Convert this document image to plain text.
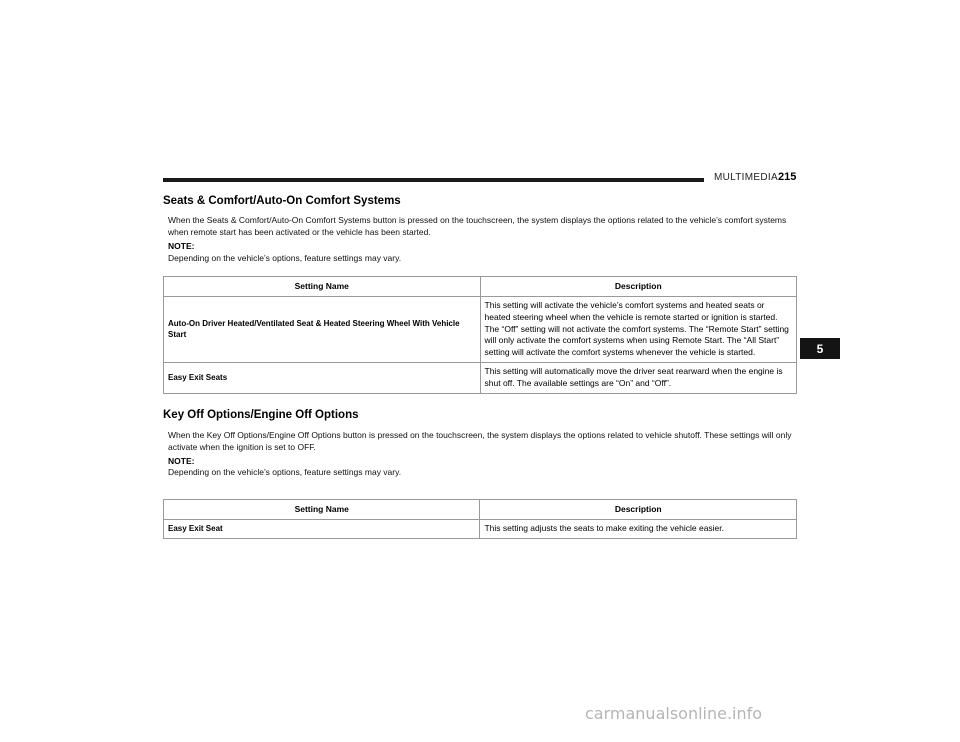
MULTIMEDIA 215
5
Seats & Comfort/Auto-On Comfort Systems

When the Seats & Comfort/Auto-On Comfort Systems button is pressed on the touchscreen, the system displays the options related to the vehicle’s comfort systems when remote start has been activated or the vehicle has been started.

NOTE:

Depending on the vehicle’s options, feature settings may vary.

Setting Name	Description
Auto-On Driver Heated/Ventilated Seat & Heated Steering Wheel With Vehicle Start	This setting will activate the vehicle’s comfort systems and heated seats or heated steering wheel when the vehicle is remote started or ignition is started. The “Off” setting will not activate the comfort systems. The “Remote Start” setting will only activate the comfort systems when using Remote Start. The “All Start” setting will activate the comfort systems whenever the vehicle is started.
Easy Exit Seats	This setting will automatically move the driver seat rearward when the engine is shut off. The available settings are “On” and “Off”.
Key Off Options/Engine Off Options

When the Key Off Options/Engine Off Options button is pressed on the touchscreen, the system displays the options related to vehicle shutoff. These settings will only activate when the ignition is set to OFF.

NOTE:

Depending on the vehicle’s options, feature settings may vary.

Setting Name	Description
Easy Exit Seat	This setting adjusts the seats to make exiting the vehicle easier.
carmanualsonline.info
